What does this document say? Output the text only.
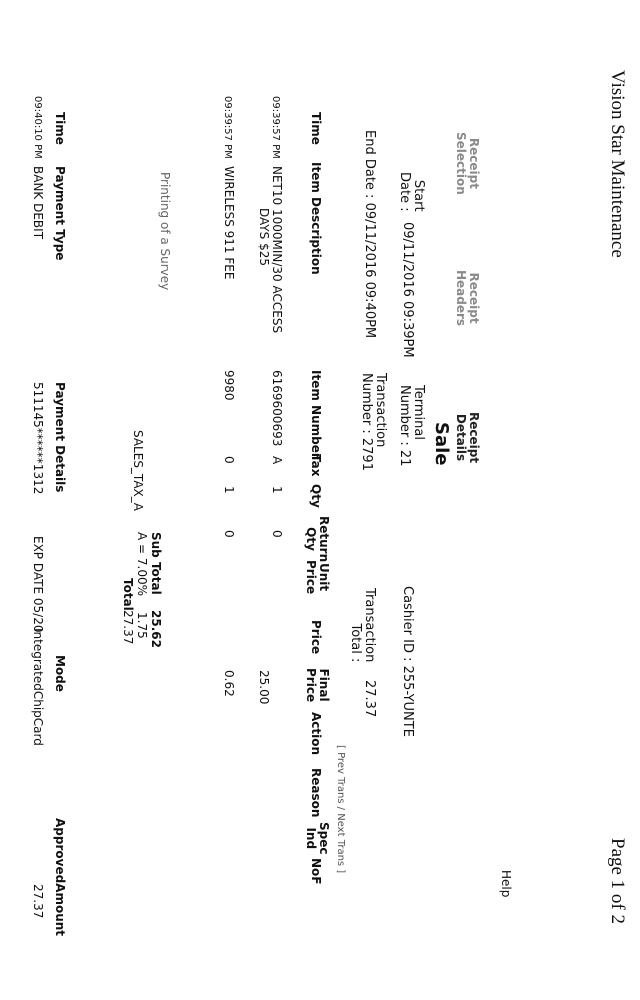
Vision Star Maintenance
Page 1 of 2
Help
Receipt
Selection
Receipt
Headers
Receipt
Details
Sale
Start
Date :
09/11/2016 09:39PM
End Date : 09/11/2016 09:40PM
Terminal
Number : 21
Transaction
Number : 2791
Cashier ID : 255-YUNTE
Transaction
Total :
27.37
[ Prev Trans / Next Trans ]
Time
Item Description
Item Number
Tax
Qty
Return
Qty
Unit
Price
Price
Final
Price
Action
Reason
Spec
Ind
NoF
09:39:57 PM
NET10 1000MIN/30 ACCESS
DAYS $25
6169600693
A
1
0
25.00
09:39:57 PM
WIRELESS 911 FEE
9980
0
1
0
0.62
Printing of a Survey
Sub Total
25.62
SALES_TAX_A
A = 7.00%
1.75
Total
27.37
Time
Payment Type
Payment Details
Mode
ApprovedAmount
09:40:10 PM
BANK DEBIT
511145******1312
EXP DATE 05/20
IntegratedChipCard
27.37
